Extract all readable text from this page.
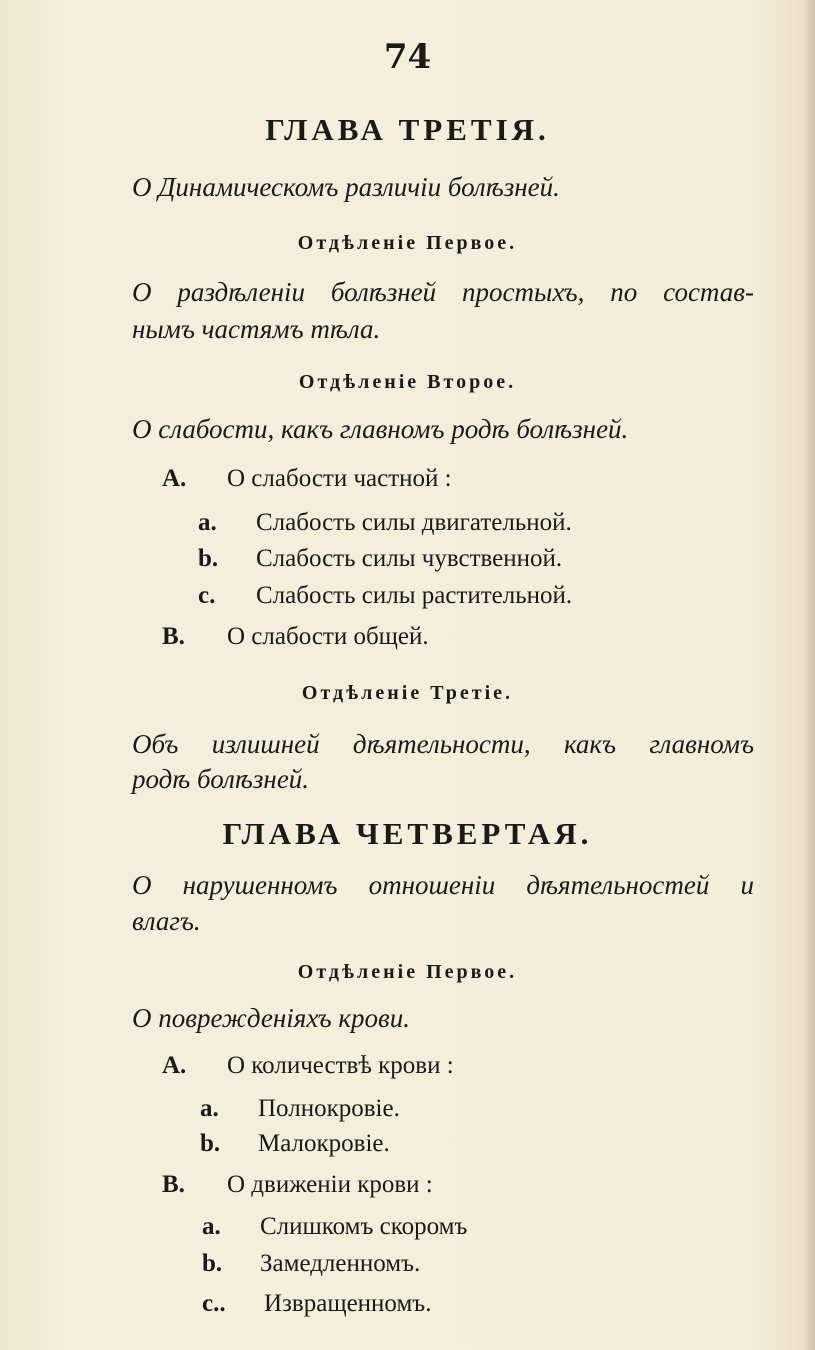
74
ГЛАВА ТРЕТІЯ.
О Динамическомъ различіи болѣзней.
Отдѣленіе Первое.
О раздѣленіи болѣзней простыхъ, по состав-
нымъ частямъ тѣла.
Отдѣленіе Второе.
О слабости, какъ главномъ родѣ болѣзней.
A. О слабости частной :
a. Слабость силы двигательной.
b. Слабость силы чувственной.
c. Слабость силы растительной.
B. О слабости общей.
Отдѣленіе Третіе.
Объ излишней дѣятельности, какъ главномъ
родѣ болѣзней.
ГЛАВА ЧЕТВЕРТАЯ.
О нарушенномъ отношеніи дѣятельностей и
влагъ.
Отдѣленіе Первое.
О поврежденіяхъ крови.
A. О количествѣ крови :
a. Полнокровіе.
b. Малокровіе.
B. О движеніи крови :
a. Слишкомъ скоромъ
b. Замедленномъ.
c.. Извращенномъ.
